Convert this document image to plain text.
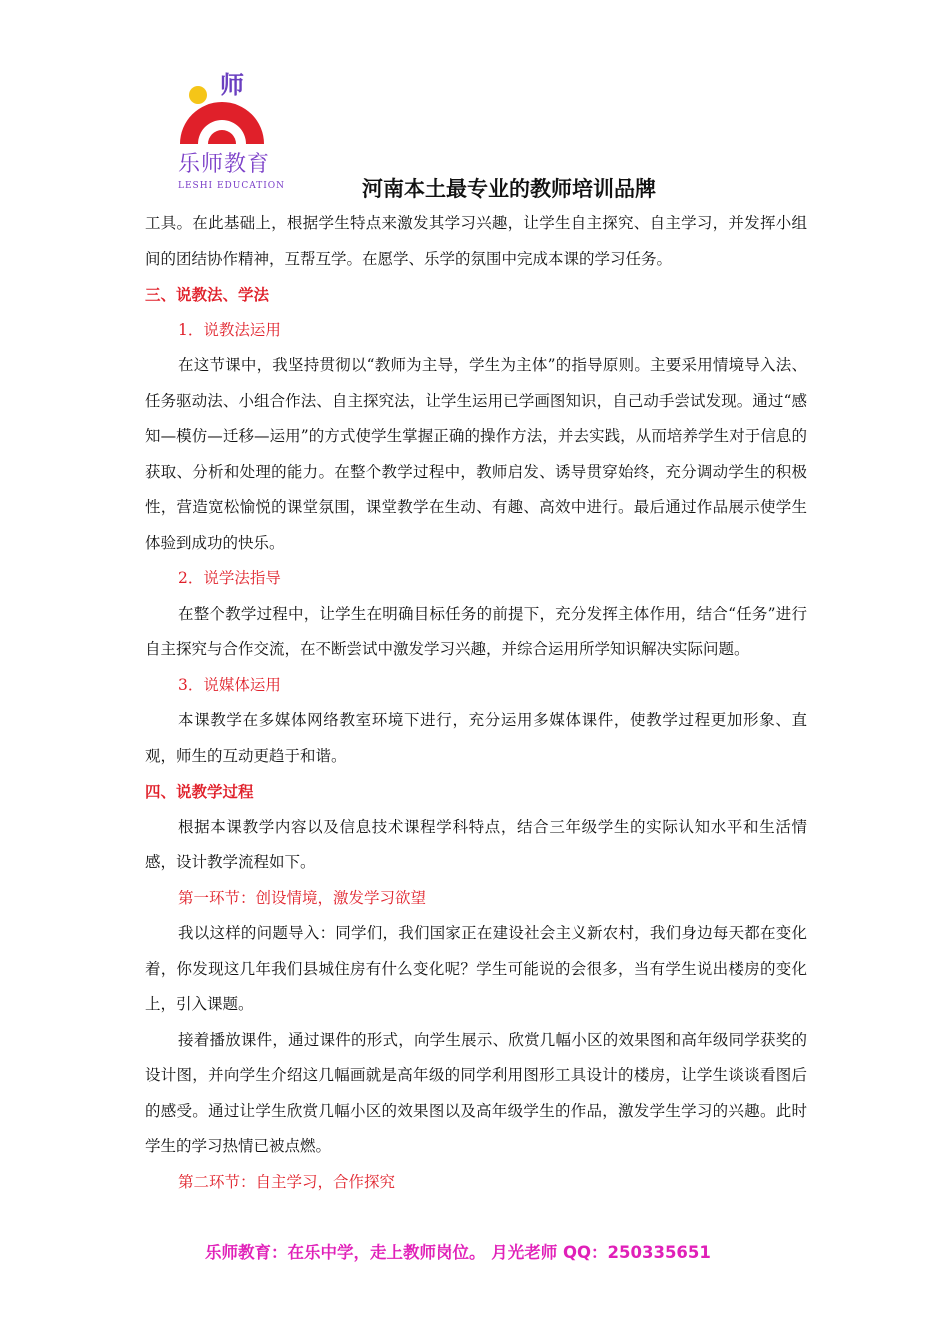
师
乐师教育
LESHI EDUCATION	河南本土最专业的教师培训品牌

工具。在此基础上，根据学生特点来激发其学习兴趣，让学生自主探究、自主学习，并发挥小组间的团结协作精神，互帮互学。在愿学、乐学的氛围中完成本课的学习任务。

三、说教法、学法

1．说教法运用

在这节课中，我坚持贯彻以“教师为主导，学生为主体”的指导原则。主要采用情境导入法、任务驱动法、小组合作法、自主探究法，让学生运用已学画图知识，自己动手尝试发现。通过“感知—模仿—迁移—运用”的方式使学生掌握正确的操作方法，并去实践，从而培养学生对于信息的获取、分析和处理的能力。在整个教学过程中，教师启发、诱导贯穿始终，充分调动学生的积极性，营造宽松愉悦的课堂氛围，课堂教学在生动、有趣、高效中进行。最后通过作品展示使学生体验到成功的快乐。

2．说学法指导

在整个教学过程中，让学生在明确目标任务的前提下，充分发挥主体作用，结合“任务”进行自主探究与合作交流，在不断尝试中激发学习兴趣，并综合运用所学知识解决实际问题。

3．说媒体运用

本课教学在多媒体网络教室环境下进行，充分运用多媒体课件，使教学过程更加形象、直观，师生的互动更趋于和谐。

四、说教学过程

根据本课教学内容以及信息技术课程学科特点，结合三年级学生的实际认知水平和生活情感，设计教学流程如下。

第一环节：创设情境，激发学习欲望

我以这样的问题导入：同学们，我们国家正在建设社会主义新农村，我们身边每天都在变化着，你发现这几年我们县城住房有什么变化呢？学生可能说的会很多，当有学生说出楼房的变化上，引入课题。

接着播放课件，通过课件的形式，向学生展示、欣赏几幅小区的效果图和高年级同学获奖的设计图，并向学生介绍这几幅画就是高年级的同学利用图形工具设计的楼房，让学生谈谈看图后的感受。通过让学生欣赏几幅小区的效果图以及高年级学生的作品，激发学生学习的兴趣。此时学生的学习热情已被点燃。

第二环节：自主学习，合作探究

乐师教育：在乐中学，走上教师岗位。 月光老师 QQ：250335651
